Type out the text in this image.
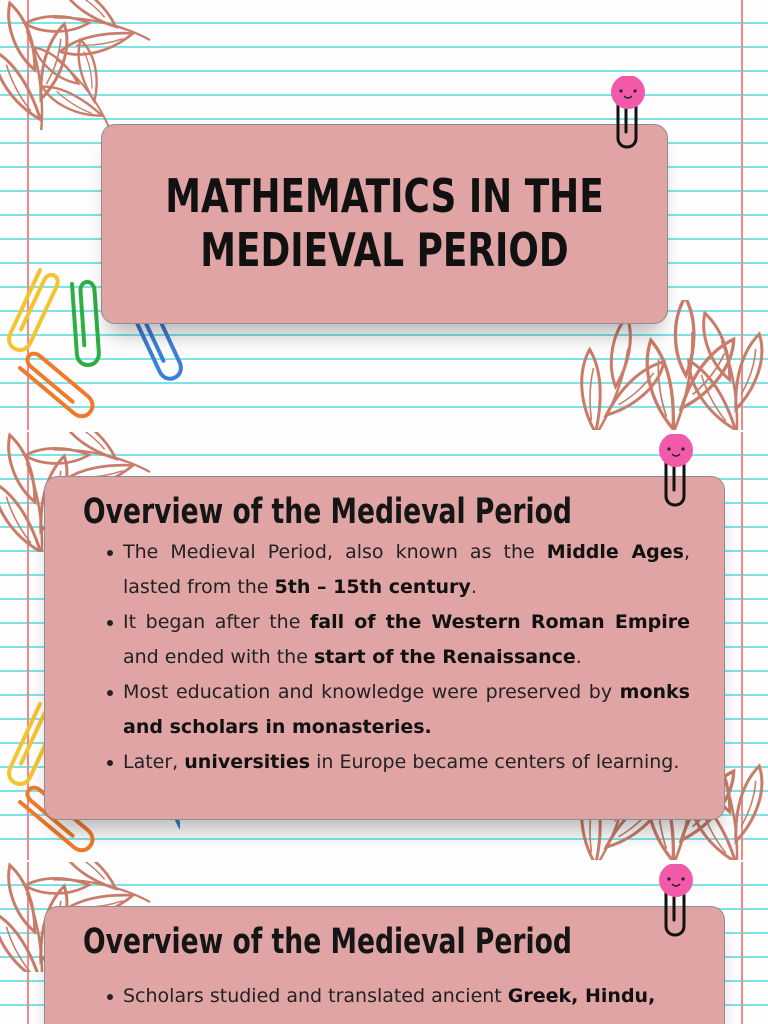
MATHEMATICS IN THE
MEDIEVAL PERIOD
Overview of the Medieval Period
The Medieval Period, also known as the Middle Ages, lasted from the 5th – 15th century.
It began after the fall of the Western Roman Empire and ended with the start of the Renaissance.
Most education and knowledge were preserved by monks and scholars in monasteries.
Later, universities in Europe became centers of learning.
Overview of the Medieval Period
Scholars studied and translated ancient Greek, Hindu,
